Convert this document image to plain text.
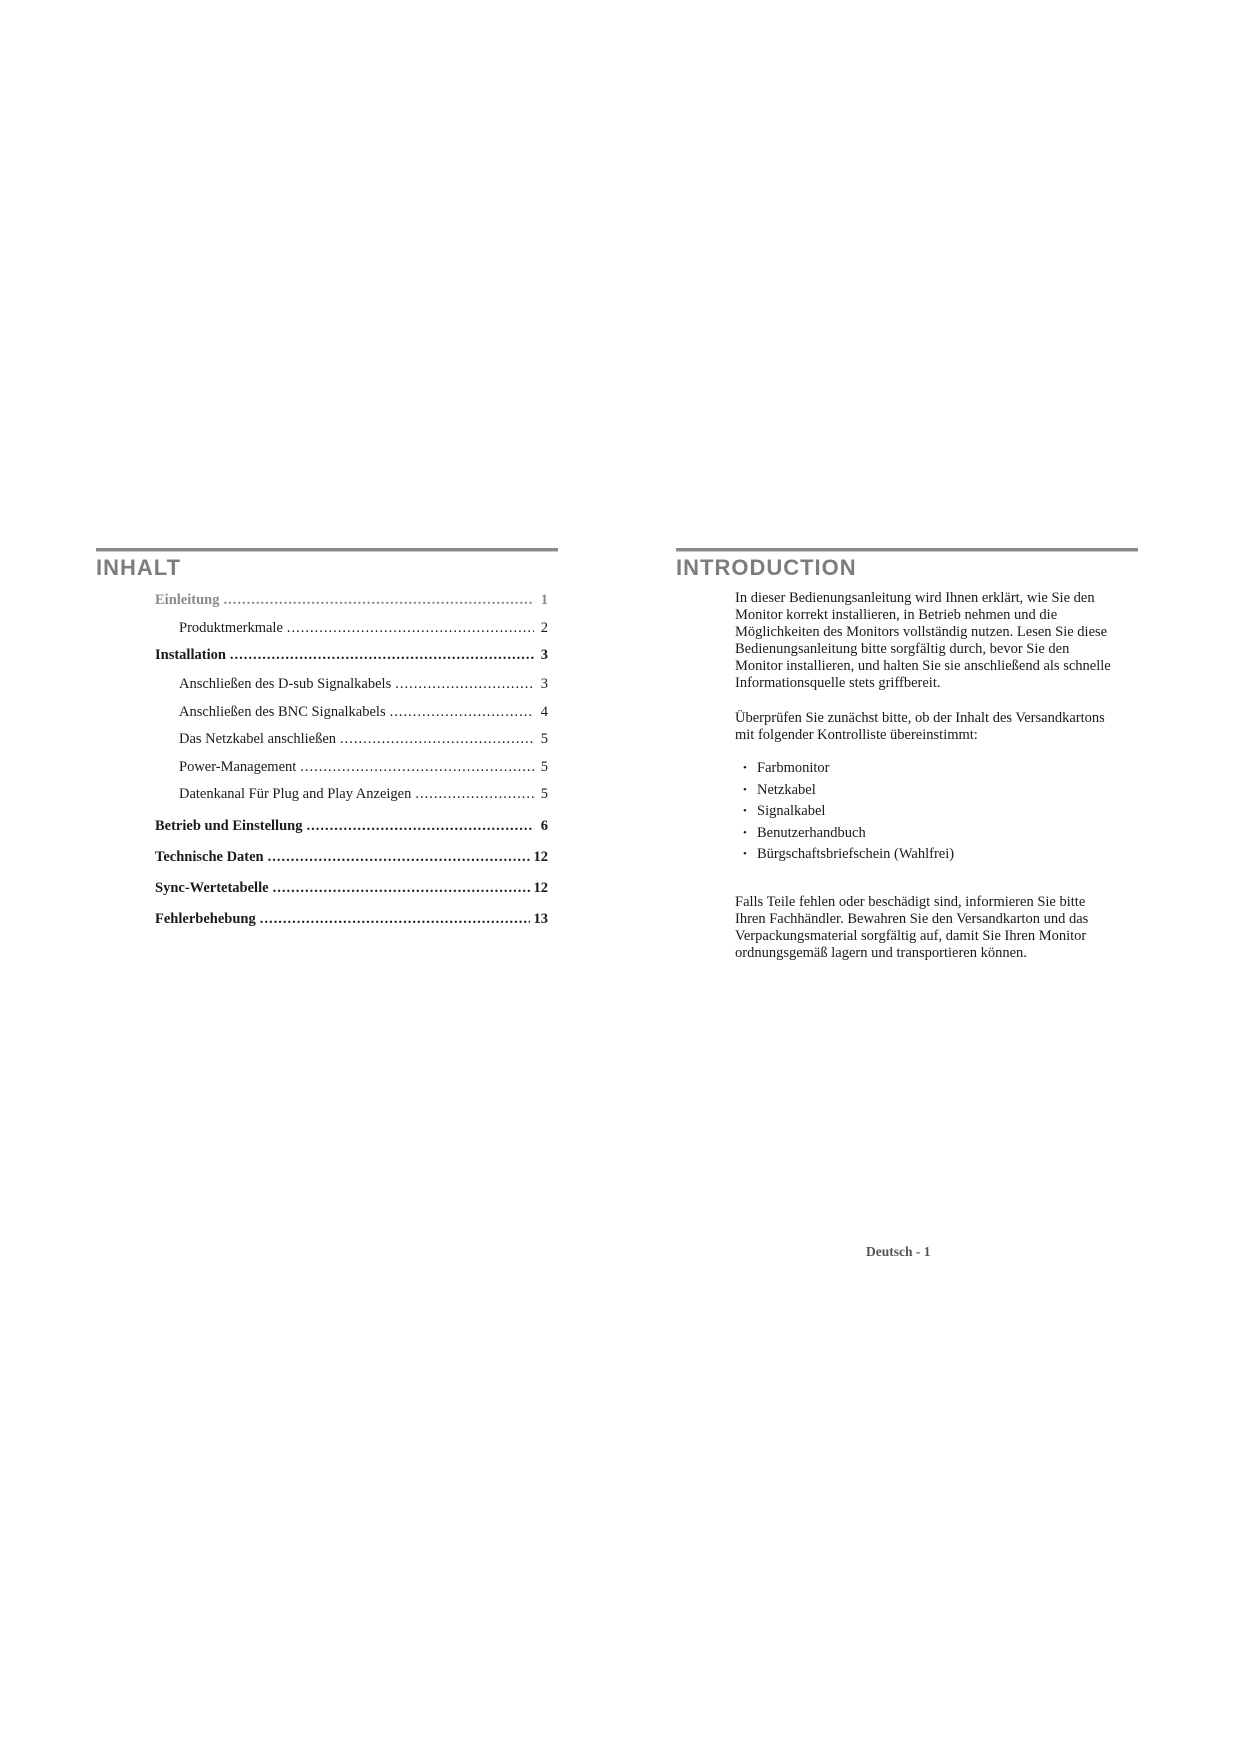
INHALT
Einleitung .....	1
Produktmerkmale .....	2
Installation .....	3
Anschließen des D-sub Signalkabels .....	3
Anschließen des BNC Signalkabels .....	4
Das Netzkabel anschließen .....	5
Power-Management .....	5
Datenkanal Für Plug and Play Anzeigen .....	5
Betrieb und Einstellung .....	6
Technische Daten .....	12
Sync-Wertetabelle .....	12
Fehlerbehebung .....	13
INTRODUCTION

In dieser Bedienungsanleitung wird Ihnen erklärt, wie Sie den
Monitor korrekt installieren, in Betrieb nehmen und die
Möglichkeiten des Monitors vollständig nutzen. Lesen Sie diese
Bedienungsanleitung bitte sorgfältig durch, bevor Sie den
Monitor installieren, und halten Sie sie anschließend als schnelle
Informationsquelle stets griffbereit.

Überprüfen Sie zunächst bitte, ob der Inhalt des Versandkartons
mit folgender Kontrolliste übereinstimmt:

• Farbmonitor
• Netzkabel
• Signalkabel
• Benutzerhandbuch
• Bürgschaftsbriefschein (Wahlfrei)

Falls Teile fehlen oder beschädigt sind, informieren Sie bitte
Ihren Fachhändler. Bewahren Sie den Versandkarton und das
Verpackungsmaterial sorgfältig auf, damit Sie Ihren Monitor
ordnungsgemäß lagern und transportieren können.

Deutsch - 1
